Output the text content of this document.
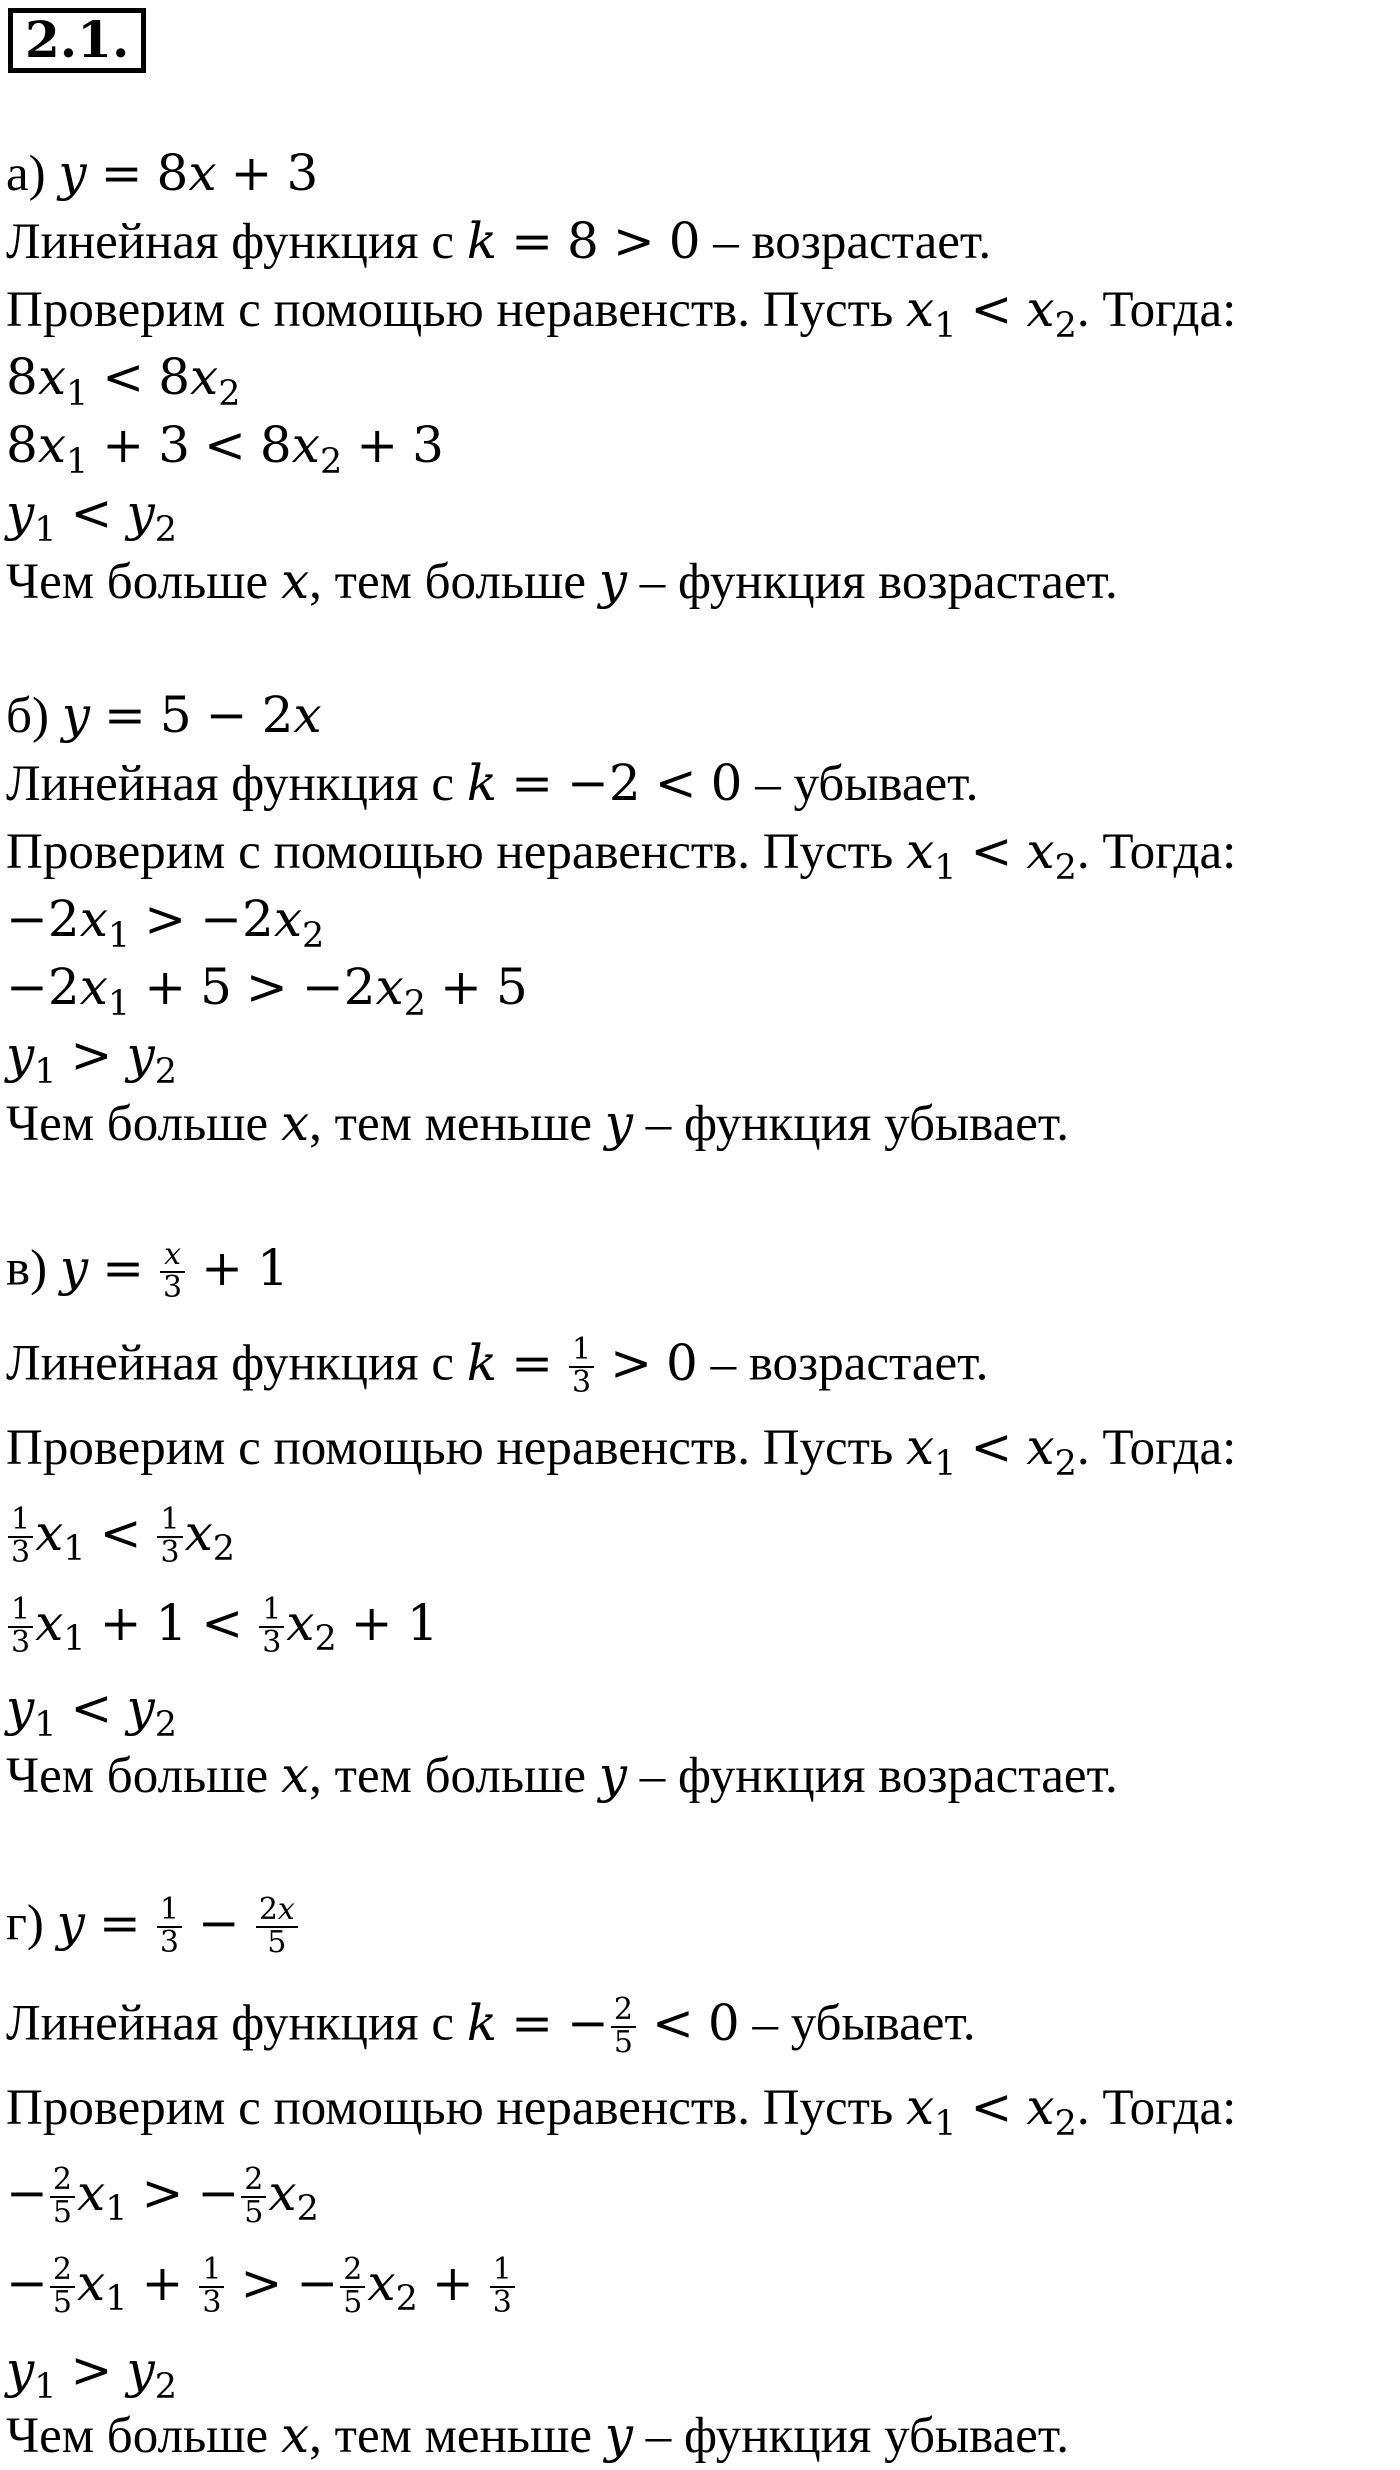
2.1.
а) y = 8x + 3
Линейная функция с k = 8 > 0 – возрастает.
Проверим с помощью неравенств. Пусть $x_1 < x_2$. Тогда:
$8x_1 < 8x_2$
$8x_1 + 3 < 8x_2 + 3$
$y_1 < y_2$
Чем больше x, тем больше y – функция возрастает.
б) y = 5 − 2x
Линейная функция с k = −2 < 0 – убывает.
Проверим с помощью неравенств. Пусть $x_1 < x_2$. Тогда:
$-2x_1 > -2x_2$
$-2x_1 + 5 > -2x_2 + 5$
$y_1 > y_2$
Чем больше x, тем меньше y – функция убывает.
в) $y = \frac{x}{3} + 1$
Линейная функция с $k = \frac{1}{3} > 0$ – возрастает.
Проверим с помощью неравенств. Пусть $x_1 < x_2$. Тогда:
$\frac{1}{3} x_1 < \frac{1}{3} x_2$
$\frac{1}{3} x_1 + 1 < \frac{1}{3} x_2 + 1$
$y_1 < y_2$
Чем больше x, тем больше y – функция возрастает.
г) $y = \frac{1}{3} - \frac{2x}{5}$
Линейная функция с k = − $\frac{2}{5} < 0$ – убывает.
Проверим с помощью неравенств. Пусть $x_1 < x_2$. Тогда:
− $\frac{2}{5} x_1$ > − $\frac{2}{5} x_2$
− $\frac{2}{5} x_1 + \frac{1}{3}$ > − $\frac{2}{5} x_2 + \frac{1}{3}$
$y_1 > y_2$
Чем больше x, тем меньше y – функция убывает.
